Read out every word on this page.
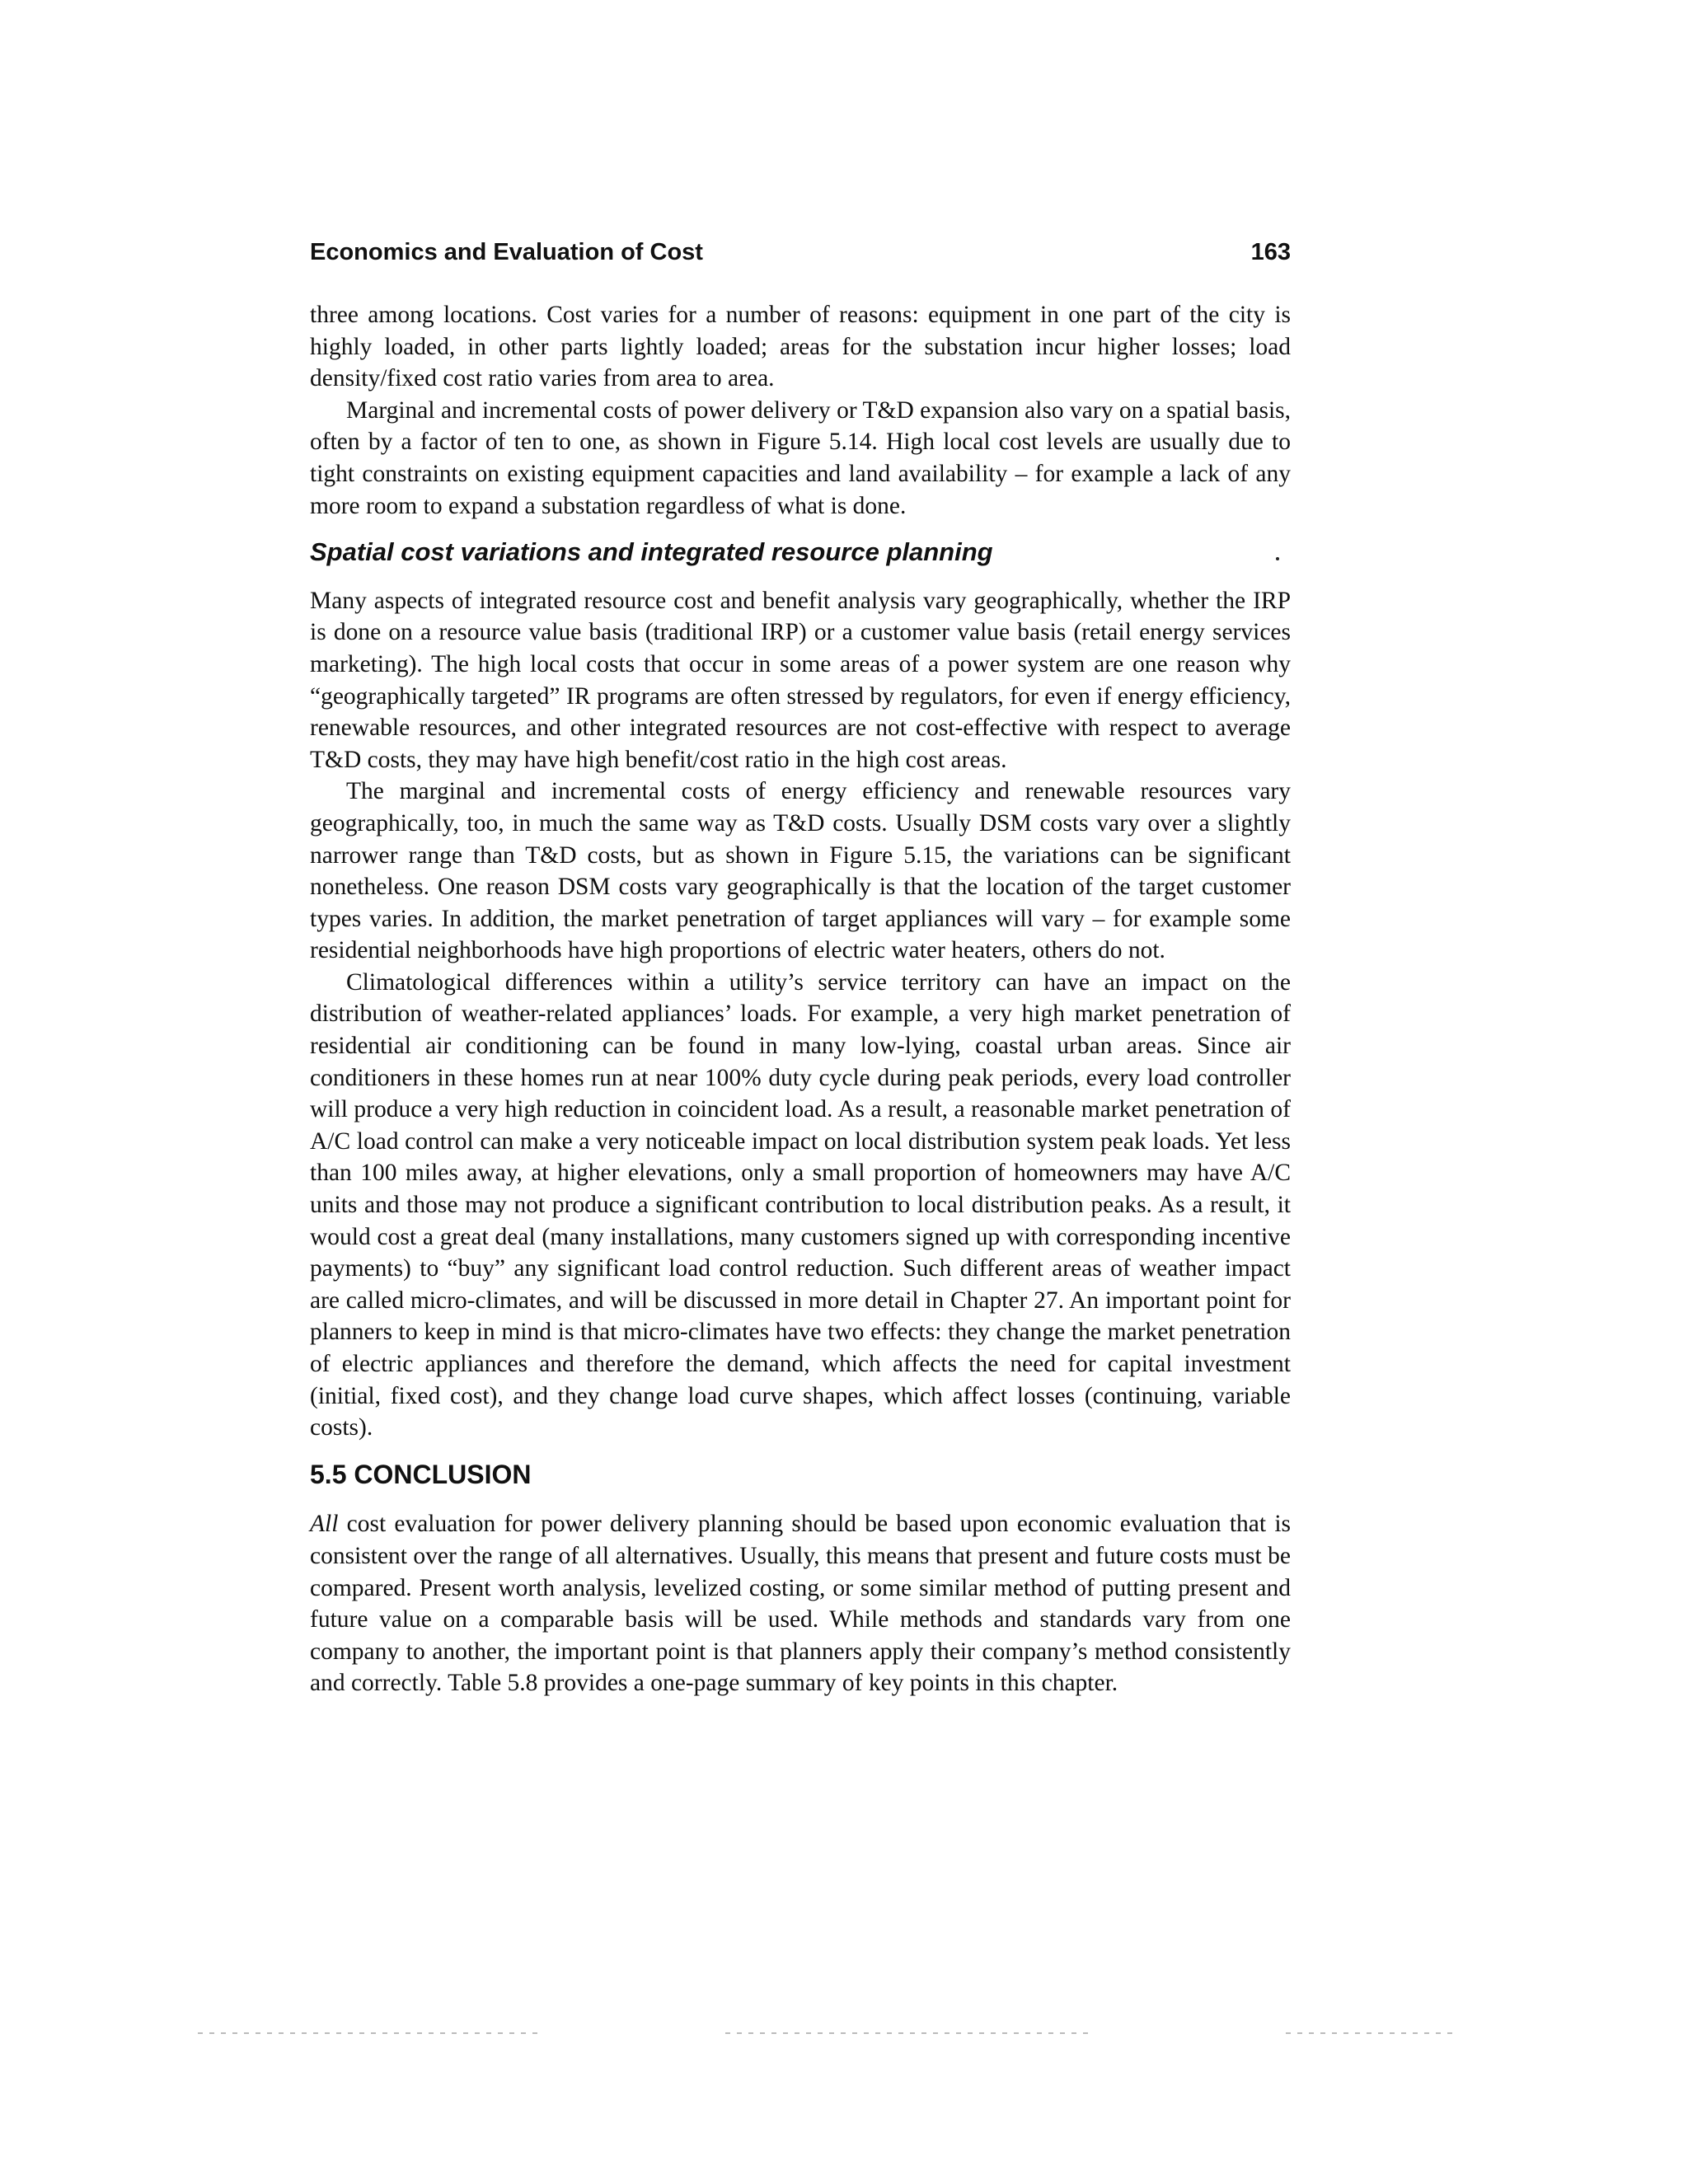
Economics and Evaluation of Cost	163

three among locations. Cost varies for a number of reasons: equipment in one part of the city is highly loaded, in other parts lightly loaded; areas for the substation incur higher losses; load density/fixed cost ratio varies from area to area.

Marginal and incremental costs of power delivery or T&D expansion also vary on a spatial basis, often by a factor of ten to one, as shown in Figure 5.14. High local cost levels are usually due to tight constraints on existing equipment capacities and land availability – for example a lack of any more room to expand a substation regardless of what is done.

Spatial cost variations and integrated resource planning

Many aspects of integrated resource cost and benefit analysis vary geographically, whether the IRP is done on a resource value basis (traditional IRP) or a customer value basis (retail energy services marketing). The high local costs that occur in some areas of a power system are one reason why “geographically targeted” IR programs are often stressed by regulators, for even if energy efficiency, renewable resources, and other integrated resources are not cost-effective with respect to average T&D costs, they may have high benefit/cost ratio in the high cost areas.

The marginal and incremental costs of energy efficiency and renewable resources vary geographically, too, in much the same way as T&D costs. Usually DSM costs vary over a slightly narrower range than T&D costs, but as shown in Figure 5.15, the variations can be significant nonetheless. One reason DSM costs vary geographically is that the location of the target customer types varies. In addition, the market penetration of target appliances will vary – for example some residential neighborhoods have high proportions of electric water heaters, others do not.

Climatological differences within a utility’s service territory can have an impact on the distribution of weather-related appliances’ loads. For example, a very high market penetration of residential air conditioning can be found in many low-lying, coastal urban areas. Since air conditioners in these homes run at near 100% duty cycle during peak periods, every load controller will produce a very high reduction in coincident load. As a result, a reasonable market penetration of A/C load control can make a very noticeable impact on local distribution system peak loads. Yet less than 100 miles away, at higher elevations, only a small proportion of homeowners may have A/C units and those may not produce a significant contribution to local distribution peaks. As a result, it would cost a great deal (many installations, many customers signed up with corresponding incentive payments) to “buy” any significant load control reduction. Such different areas of weather impact are called micro-climates, and will be discussed in more detail in Chapter 27. An important point for planners to keep in mind is that micro-climates have two effects: they change the market penetration of electric appliances and therefore the demand, which affects the need for capital investment (initial, fixed cost), and they change load curve shapes, which affect losses (continuing, variable costs).

5.5 CONCLUSION

All cost evaluation for power delivery planning should be based upon economic evaluation that is consistent over the range of all alternatives. Usually, this means that present and future costs must be compared. Present worth analysis, levelized costing, or some similar method of putting present and future value on a comparable basis will be used. While methods and standards vary from one company to another, the important point is that planners apply their company’s method consistently and correctly. Table 5.8 provides a one-page summary of key points in this chapter.
